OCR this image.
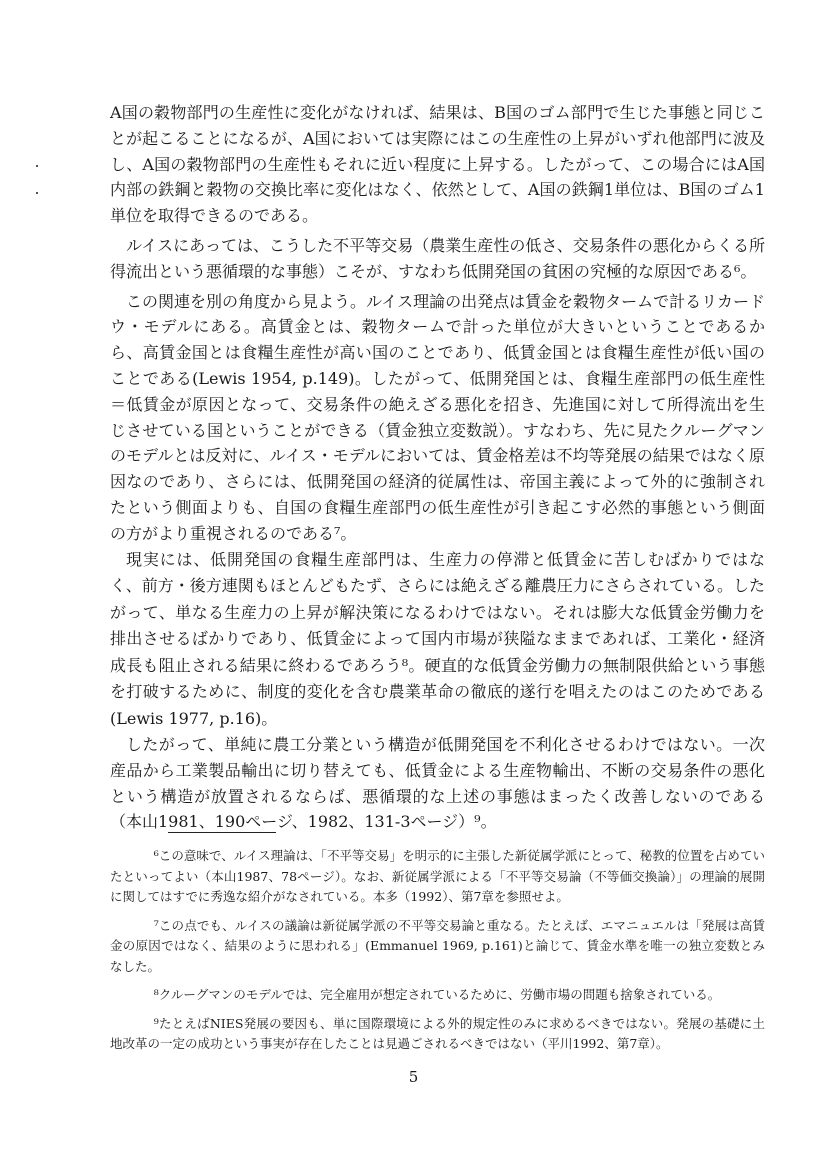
A国の穀物部門の生産性に変化がなければ、結果は、B国のゴム部門で生じた事態と同じことが起こることになるが、A国においては実際にはこの生産性の上昇がいずれ他部門に波及し、A国の穀物部門の生産性もそれに近い程度に上昇する。したがって、この場合にはA国内部の鉄鋼と穀物の交換比率に変化はなく、依然として、A国の鉄鋼1単位は、B国のゴム1単位を取得できるのである。

ルイスにあっては、こうした不平等交易（農業生産性の低さ、交易条件の悪化からくる所得流出という悪循環的な事態）こそが、すなわち低開発国の貧困の究極的な原因である⁶。

この関連を別の角度から見よう。ルイス理論の出発点は賃金を穀物タームで計るリカードウ・モデルにある。高賃金とは、穀物タームで計った単位が大きいということであるから、高賃金国とは食糧生産性が高い国のことであり、低賃金国とは食糧生産性が低い国のことである(Lewis 1954, p.149)。したがって、低開発国とは、食糧生産部門の低生産性＝低賃金が原因となって、交易条件の絶えざる悪化を招き、先進国に対して所得流出を生じさせている国ということができる（賃金独立変数説）。すなわち、先に見たクルーグマンのモデルとは反対に、ルイス・モデルにおいては、賃金格差は不均等発展の結果ではなく原因なのであり、さらには、低開発国の経済的従属性は、帝国主義によって外的に強制されたという側面よりも、自国の食糧生産部門の低生産性が引き起こす必然的事態という側面の方がより重視されるのである⁷。

現実には、低開発国の食糧生産部門は、生産力の停滞と低賃金に苦しむばかりではなく、前方・後方連関もほとんどもたず、さらには絶えざる離農圧力にさらされている。したがって、単なる生産力の上昇が解決策になるわけではない。それは膨大な低賃金労働力を排出させるばかりであり、低賃金によって国内市場が狭隘なままであれば、工業化・経済成長も阻止される結果に終わるであろう⁸。硬直的な低賃金労働力の無制限供給という事態を打破するために、制度的変化を含む農業革命の徹底的遂行を唱えたのはこのためである(Lewis 1977, p.16)。

したがって、単純に農工分業という構造が低開発国を不利化させるわけではない。一次産品から工業製品輸出に切り替えても、低賃金による生産物輸出、不断の交易条件の悪化という構造が放置されるならば、悪循環的な上述の事態はまったく改善しないのである（本山1981、190ページ、1982、131-3ページ）⁹。

⁶この意味で、ルイス理論は、「不平等交易」を明示的に主張した新従属学派にとって、秘教的位置を占めていたといってよい（本山1987、78ページ）。なお、新従属学派による「不平等交易論（不等価交換論）」の理論的展開に関してはすでに秀逸な紹介がなされている。本多（1992）、第7章を参照せよ。

⁷この点でも、ルイスの議論は新従属学派の不平等交易論と重なる。たとえば、エマニュエルは「発展は高賃金の原因ではなく、結果のように思われる」(Emmanuel 1969, p.161)と論じて、賃金水準を唯一の独立変数とみなした。

⁸クルーグマンのモデルでは、完全雇用が想定されているために、労働市場の問題も捨象されている。

⁹たとえばNIES発展の要因も、単に国際環境による外的規定性のみに求めるべきではない。発展の基礎に土地改革の一定の成功という事実が存在したことは見過ごされるべきではない（平川1992、第7章）。

5
